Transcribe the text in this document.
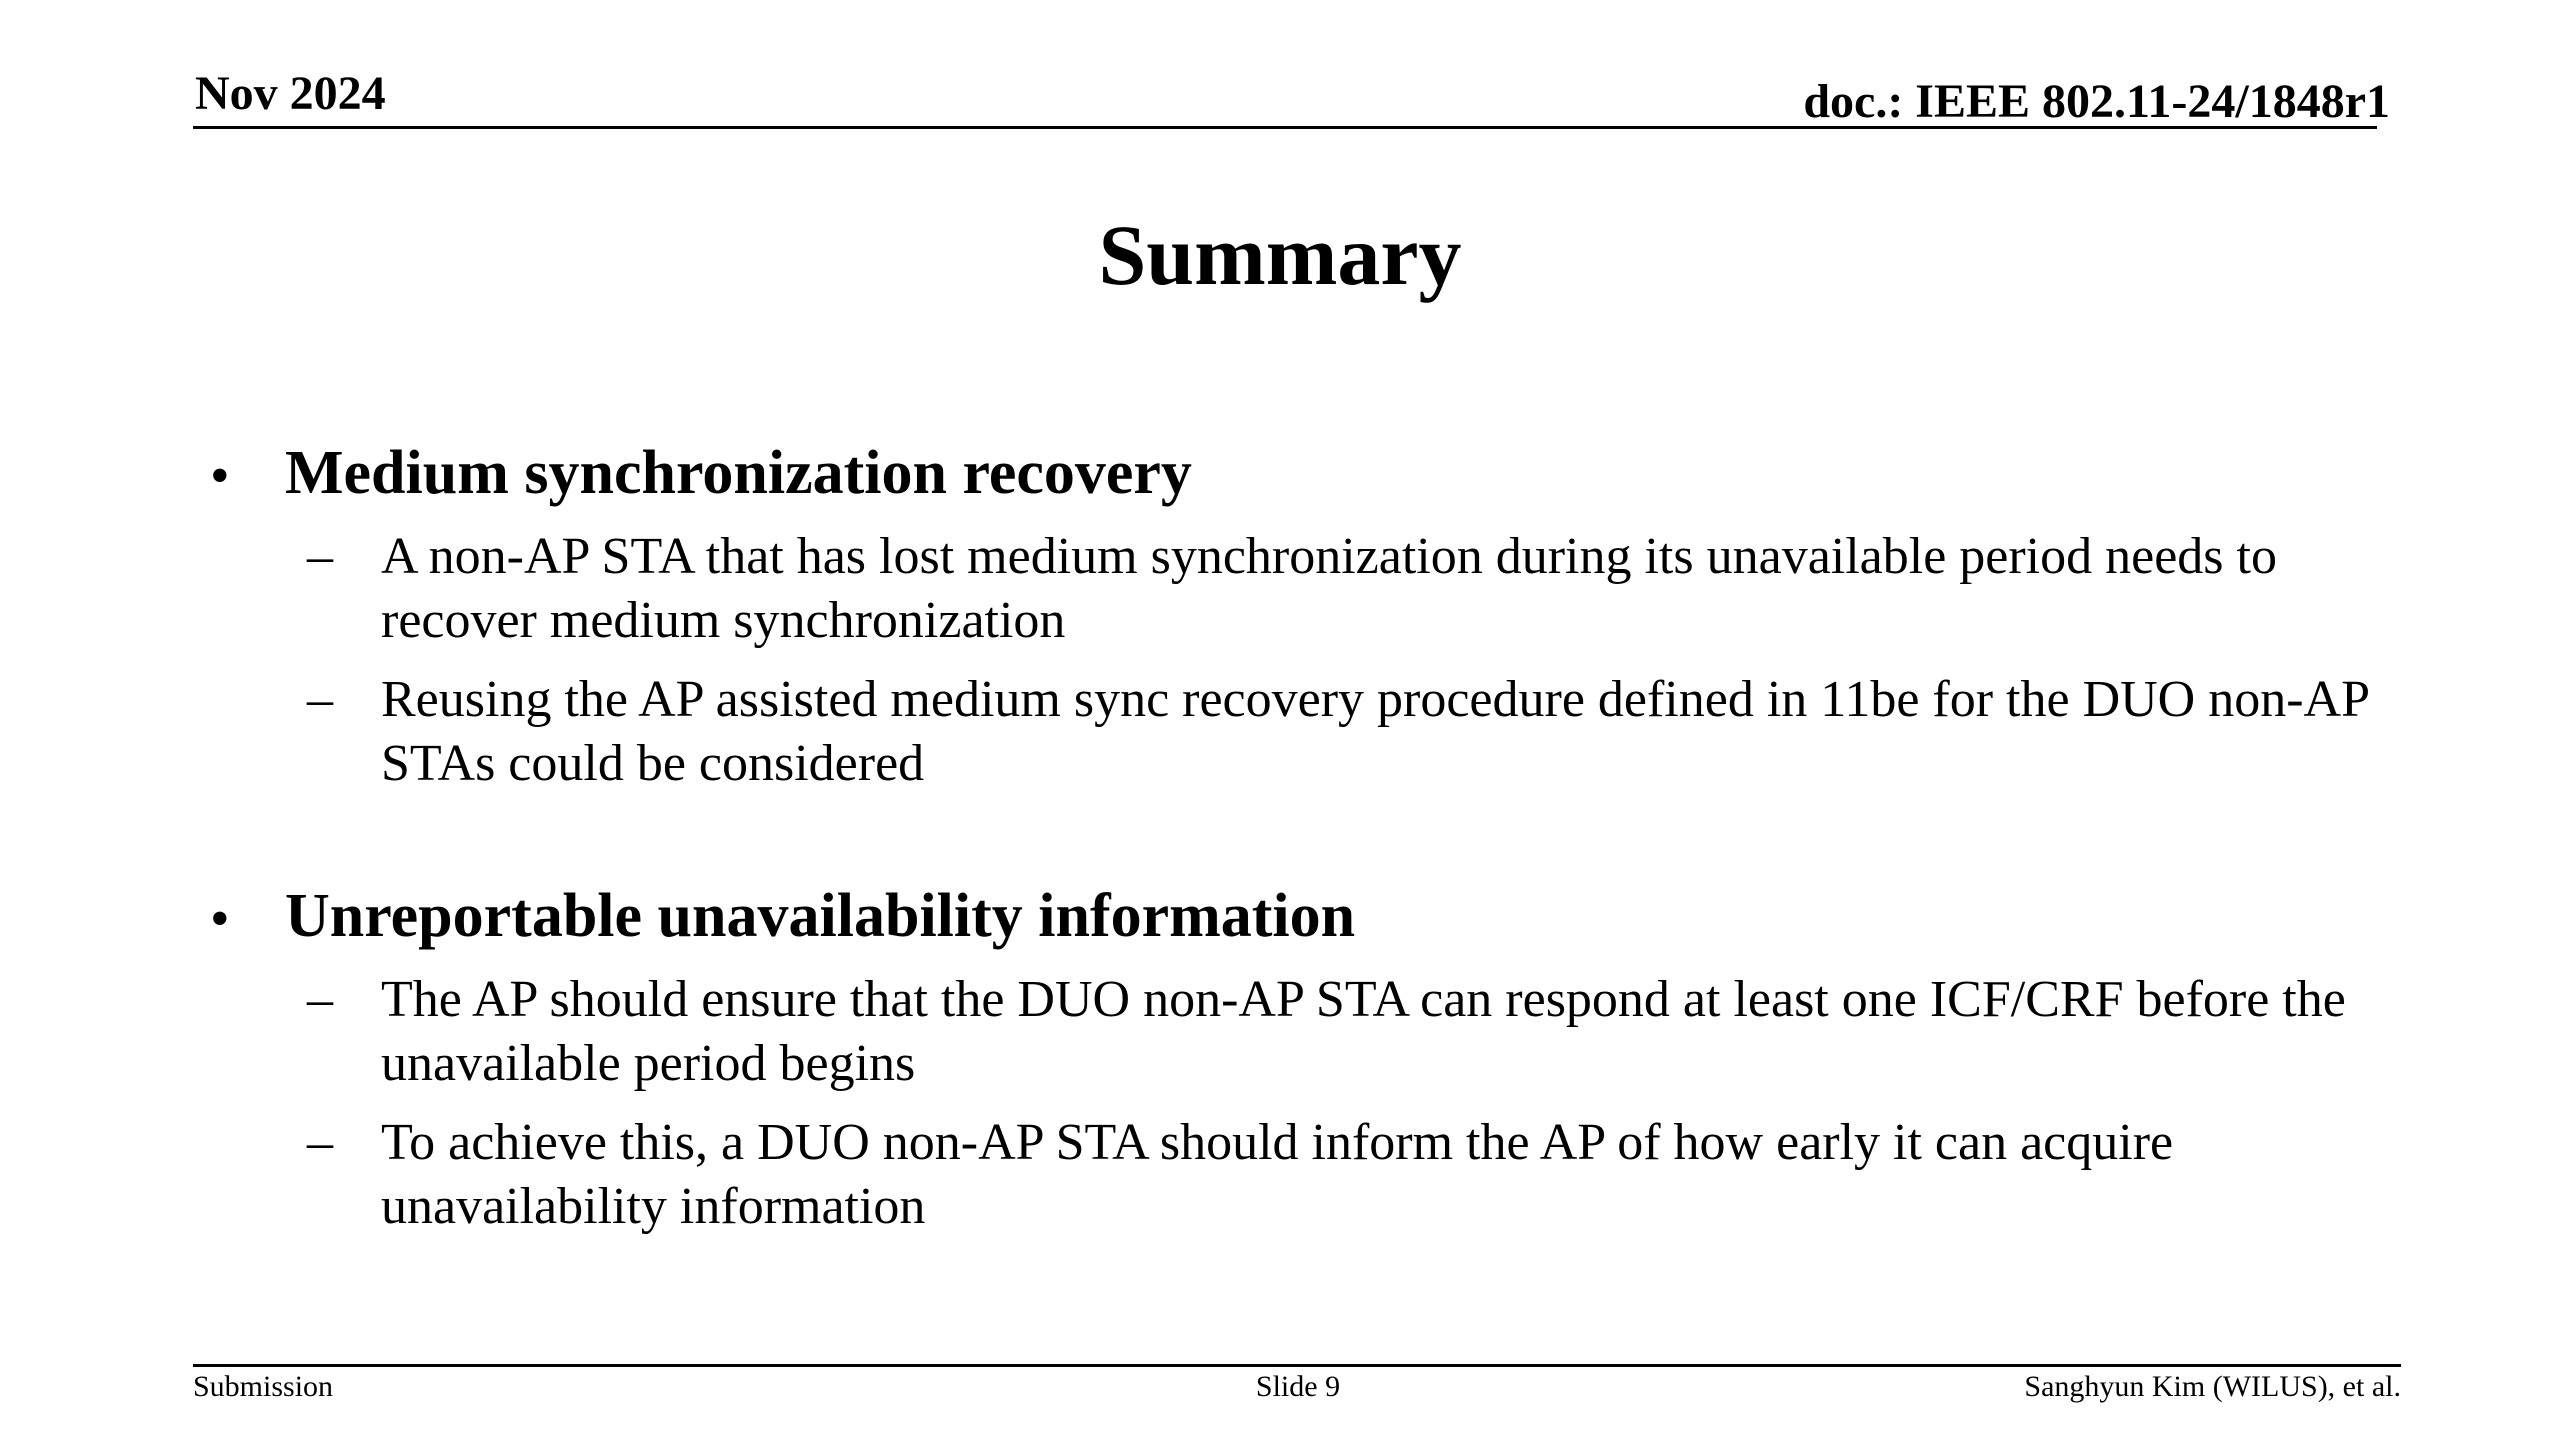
Nov 2024	doc.: IEEE 802.11-24/1848r1
Summary
• Medium synchronization recovery
– A non-AP STA that has lost medium synchronization during its unavailable period needs to recover medium synchronization
– Reusing the AP assisted medium sync recovery procedure defined in 11be for the DUO non-AP STAs could be considered
• Unreportable unavailability information
– The AP should ensure that the DUO non-AP STA can respond at least one ICF/CRF before the unavailable period begins
– To achieve this, a DUO non-AP STA should inform the AP of how early it can acquire unavailability information
Submission	Slide 9	Sanghyun Kim (WILUS), et al.
